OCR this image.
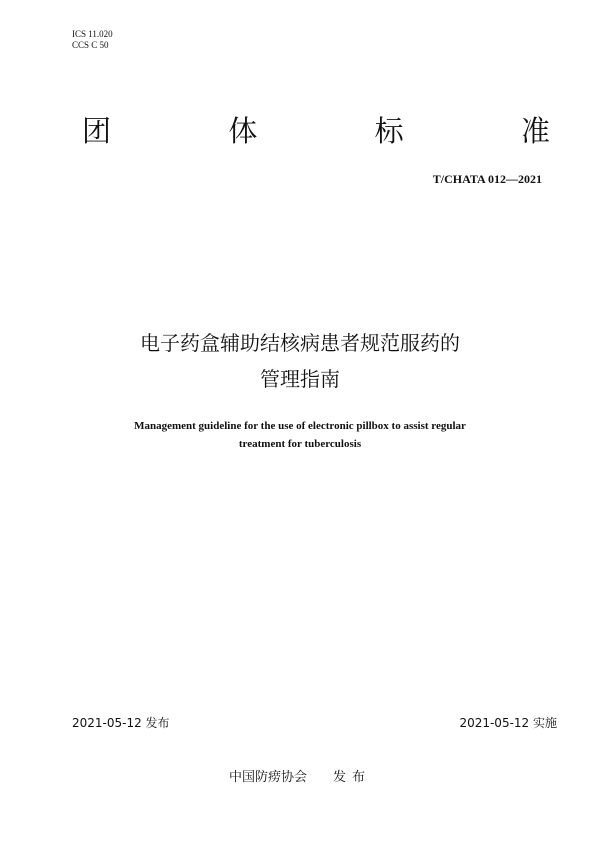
ICS 11.020
CCS C 50
团	体	标	准
T/CHATA 012—2021
电子药盒辅助结核病患者规范服药的
管理指南
Management guideline for the use of electronic pillbox to assist regular
treatment for tuberculosis
2021-05-12 发布	2021-05-12 实施
中国防痨协会 发布
